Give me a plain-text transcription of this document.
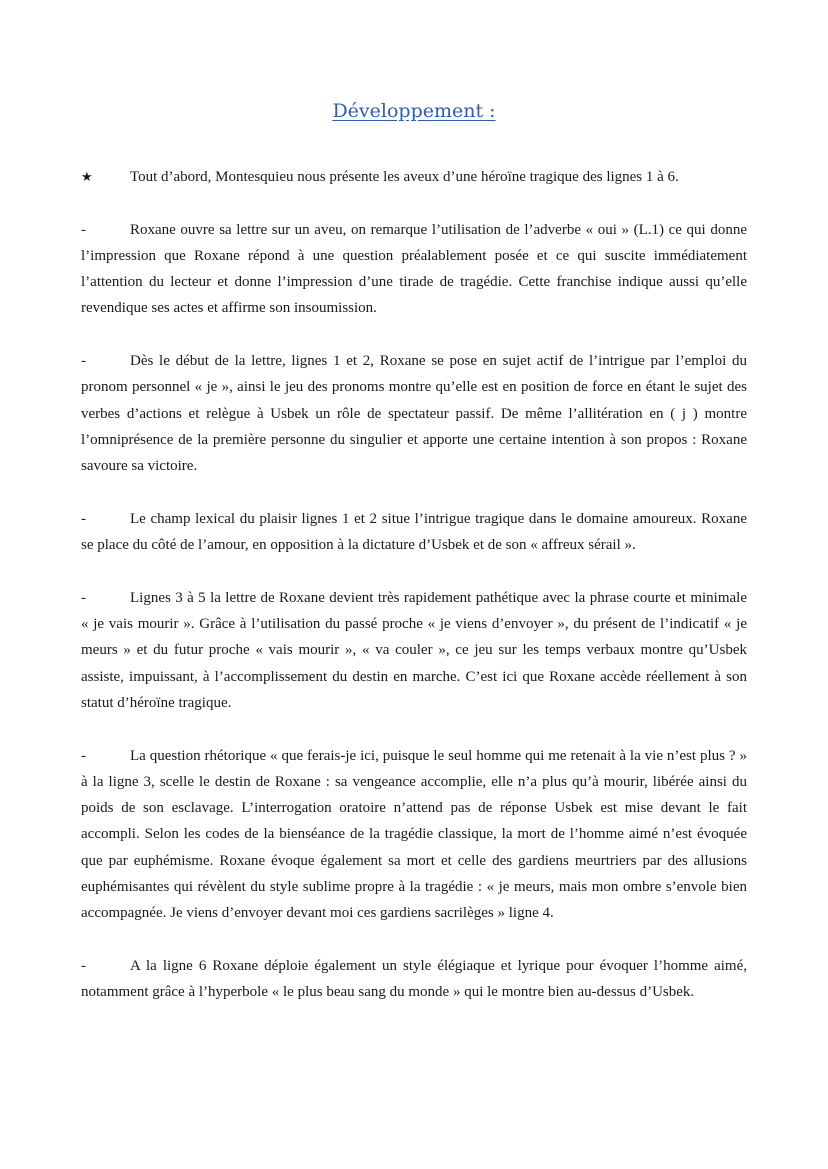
Développement :

★ Tout d’abord, Montesquieu nous présente les aveux d’une héroïne tragique des lignes 1 à 6.

-	Roxane ouvre sa lettre sur un aveu, on remarque l’utilisation de l’adverbe « oui » (L.1) ce qui donne l’impression que Roxane répond à une question préalablement posée et ce qui suscite immédiatement l’attention du lecteur et donne l’impression d’une tirade de tragédie. Cette franchise indique aussi qu’elle revendique ses actes et affirme son insoumission.

-	Dès le début de la lettre, lignes 1 et 2, Roxane se pose en sujet actif de l’intrigue par l’emploi du pronom personnel « je », ainsi le jeu des pronoms montre qu’elle est en position de force en étant le sujet des verbes d’actions et relègue à Usbek un rôle de spectateur passif. De même l’allitération en ( j ) montre l’omniprésence de la première personne du singulier et apporte une certaine intention à son propos : Roxane savoure sa victoire.

-	Le champ lexical du plaisir lignes 1 et 2 situe l’intrigue tragique dans le domaine amoureux. Roxane se place du côté de l’amour, en opposition à la dictature d’Usbek et de son « affreux sérail ».

-	Lignes 3 à 5 la lettre de Roxane devient très rapidement pathétique avec la phrase courte et minimale « je vais mourir ». Grâce à l’utilisation du passé proche « je viens d’envoyer », du présent de l’indicatif « je meurs » et du futur proche « vais mourir », « va couler », ce jeu sur les temps verbaux montre qu’Usbek assiste, impuissant, à l’accomplissement du destin en marche. C’est ici que Roxane accède réellement à son statut d’héroïne tragique.

-	La question rhétorique « que ferais-je ici, puisque le seul homme qui me retenait à la vie n’est plus ? » à la ligne 3, scelle le destin de Roxane : sa vengeance accomplie, elle n’a plus qu’à mourir, libérée ainsi du poids de son esclavage. L’interrogation oratoire n’attend pas de réponse Usbek est mise devant le fait accompli. Selon les codes de la bienséance de la tragédie classique, la mort de l’homme aimé n’est évoquée que par euphémisme. Roxane évoque également sa mort et celle des gardiens meurtriers par des allusions euphémisantes qui révèlent du style sublime propre à la tragédie : « je meurs, mais mon ombre s’envole bien accompagnée. Je viens d’envoyer devant moi ces gardiens sacrilèges » ligne 4.

-	A la ligne 6 Roxane déploie également un style élégiaque et lyrique pour évoquer l’homme aimé, notamment grâce à l’hyperbole « le plus beau sang du monde » qui le montre bien au-dessus d’Usbek.
